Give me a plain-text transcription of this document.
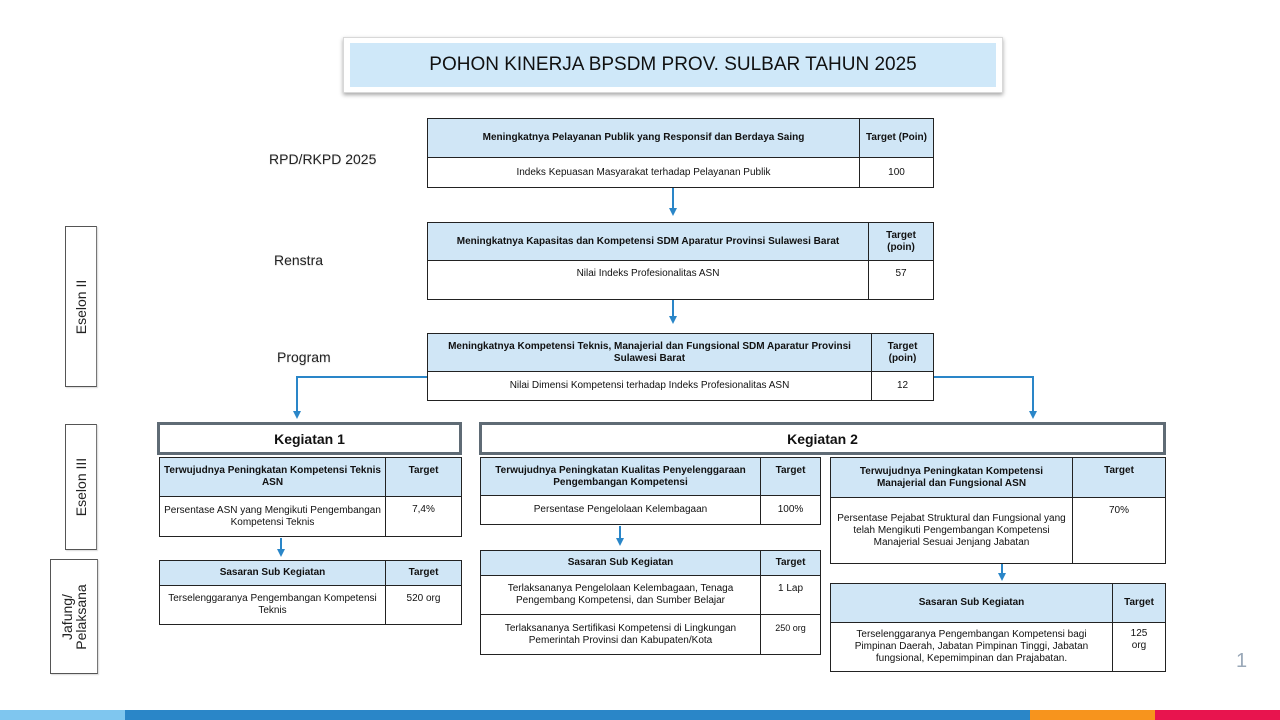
POHON KINERJA BPSDM PROV. SULBAR TAHUN 2025
RPD/RKPD 2025
Renstra
Program
Eselon II
Eselon III
Jafung/
Pelaksana
Meningkatnya Pelayanan Publik yang Responsif dan Berdaya Saing	Target (Poin)
Indeks Kepuasan Masyarakat terhadap Pelayanan Publik	100
Meningkatnya Kapasitas dan Kompetensi SDM Aparatur Provinsi Sulawesi Barat	Target (poin)
Nilai Indeks Profesionalitas ASN	57
Meningkatnya Kompetensi Teknis, Manajerial dan Fungsional SDM Aparatur Provinsi Sulawesi Barat	Target (poin)
Nilai Dimensi Kompetensi terhadap Indeks Profesionalitas ASN	12
Kegiatan 1	Kegiatan 2
Terwujudnya Peningkatan Kompetensi Teknis ASN	Target
Persentase ASN yang Mengikuti Pengembangan Kompetensi Teknis	7,4%
Sasaran Sub Kegiatan	Target
Terselenggaranya Pengembangan Kompetensi Teknis	520 org
Terwujudnya Peningkatan Kualitas Penyelenggaraan Pengembangan Kompetensi	Target
Persentase Pengelolaan Kelembagaan	100%
Sasaran Sub Kegiatan	Target
Terlaksananya Pengelolaan Kelembagaan, Tenaga Pengembang Kompetensi, dan Sumber Belajar	1 Lap
Terlaksananya Sertifikasi Kompetensi di Lingkungan Pemerintah Provinsi dan Kabupaten/Kota	250 org
Terwujudnya Peningkatan Kompetensi Manajerial dan Fungsional ASN	Target
Persentase Pejabat Struktural dan Fungsional yang telah Mengikuti Pengembangan Kompetensi Manajerial Sesuai Jenjang Jabatan	70%
Sasaran Sub Kegiatan	Target
Terselenggaranya Pengembangan Kompetensi bagi Pimpinan Daerah, Jabatan Pimpinan Tinggi, Jabatan fungsional, Kepemimpinan dan Prajabatan.	125 org
1
